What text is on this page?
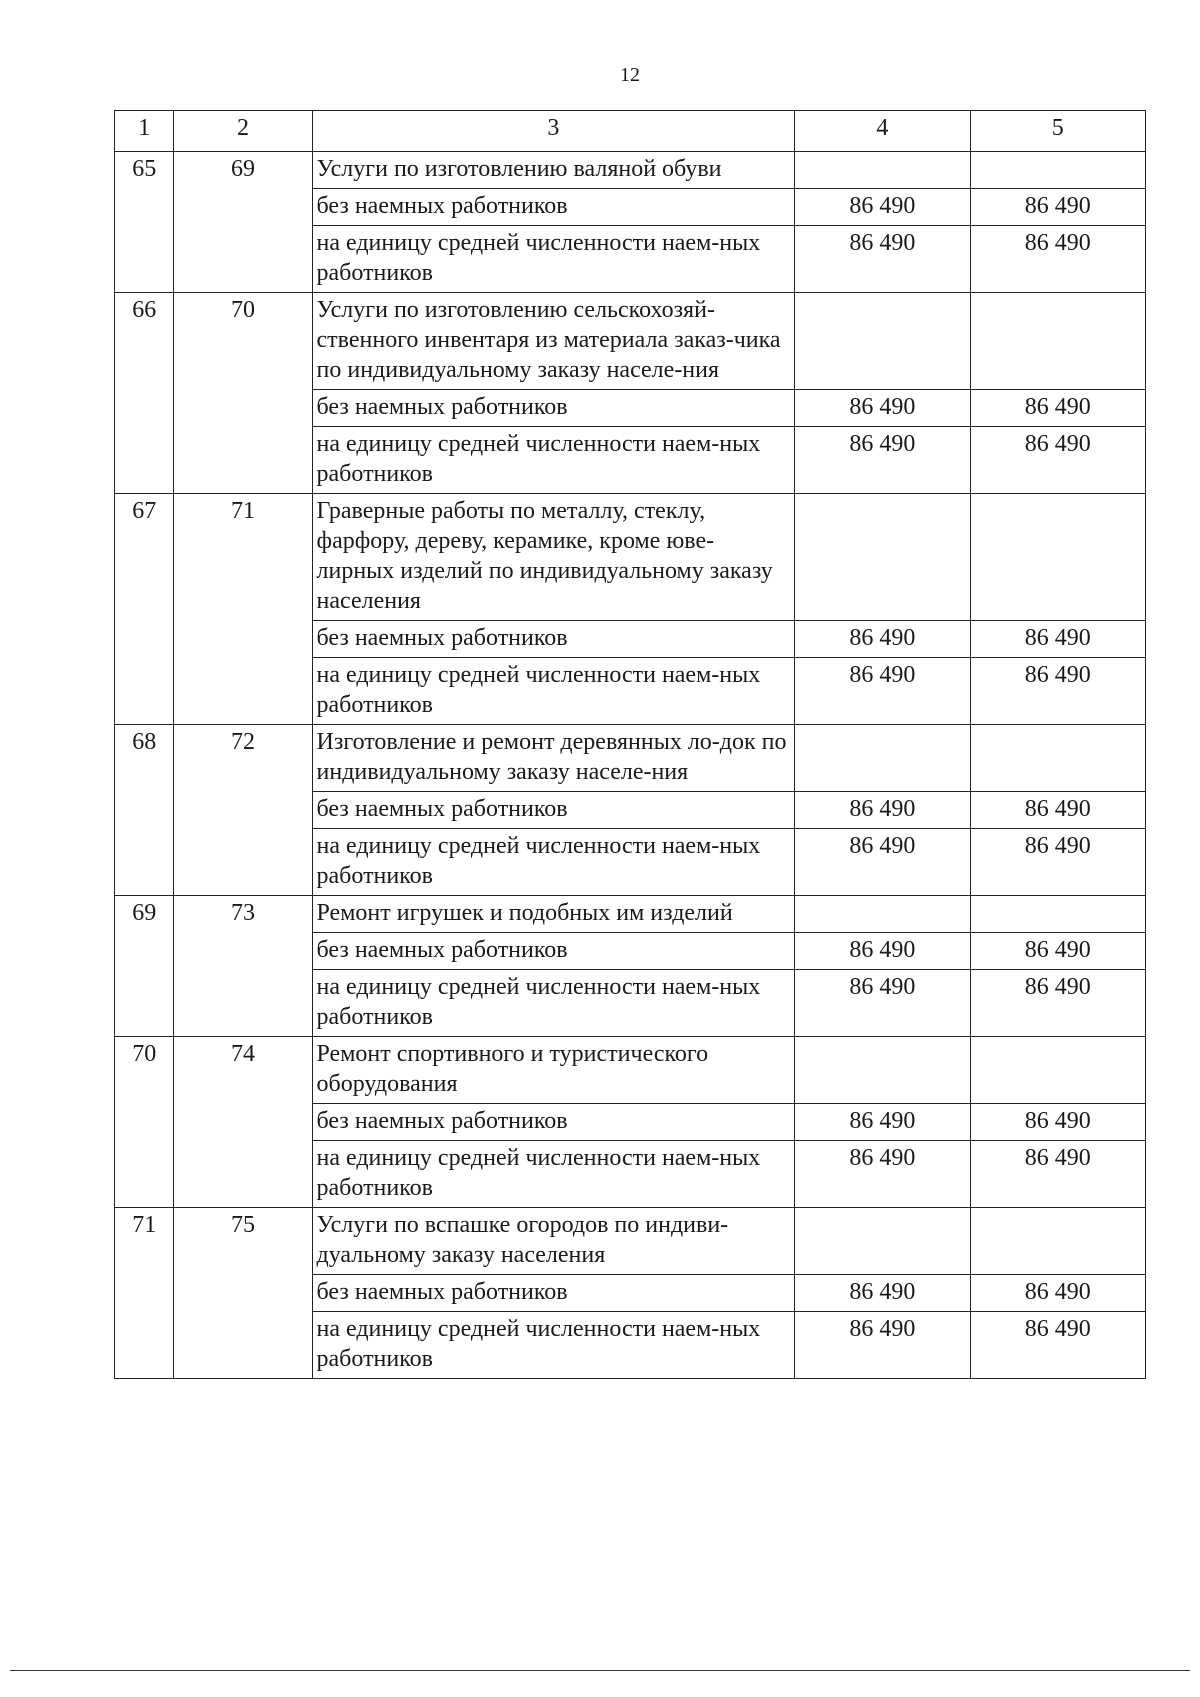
12
1	2	3	4	5
65	69	Услуги по изготовлению валяной обуви		
		без наемных работников	86 490	86 490
		на единицу средней численности наем-ных работников	86 490	86 490
66	70	Услуги по изготовлению сельскохозяй-ственного инвентаря из материала заказ-чика по индивидуальному заказу населе-ния		
		без наемных работников	86 490	86 490
		на единицу средней численности наем-ных работников	86 490	86 490
67	71	Граверные работы по металлу, стеклу, фарфору, дереву, керамике, кроме юве-лирных изделий по индивидуальному заказу населения		
		без наемных работников	86 490	86 490
		на единицу средней численности наем-ных работников	86 490	86 490
68	72	Изготовление и ремонт деревянных ло-док по индивидуальному заказу населе-ния		
		без наемных работников	86 490	86 490
		на единицу средней численности наем-ных работников	86 490	86 490
69	73	Ремонт игрушек и подобных им изделий		
		без наемных работников	86 490	86 490
		на единицу средней численности наем-ных работников	86 490	86 490
70	74	Ремонт спортивного и туристического оборудования		
		без наемных работников	86 490	86 490
		на единицу средней численности наем-ных работников	86 490	86 490
71	75	Услуги по вспашке огородов по индиви-дуальному заказу населения		
		без наемных работников	86 490	86 490
		на единицу средней численности наем-ных работников	86 490	86 490
